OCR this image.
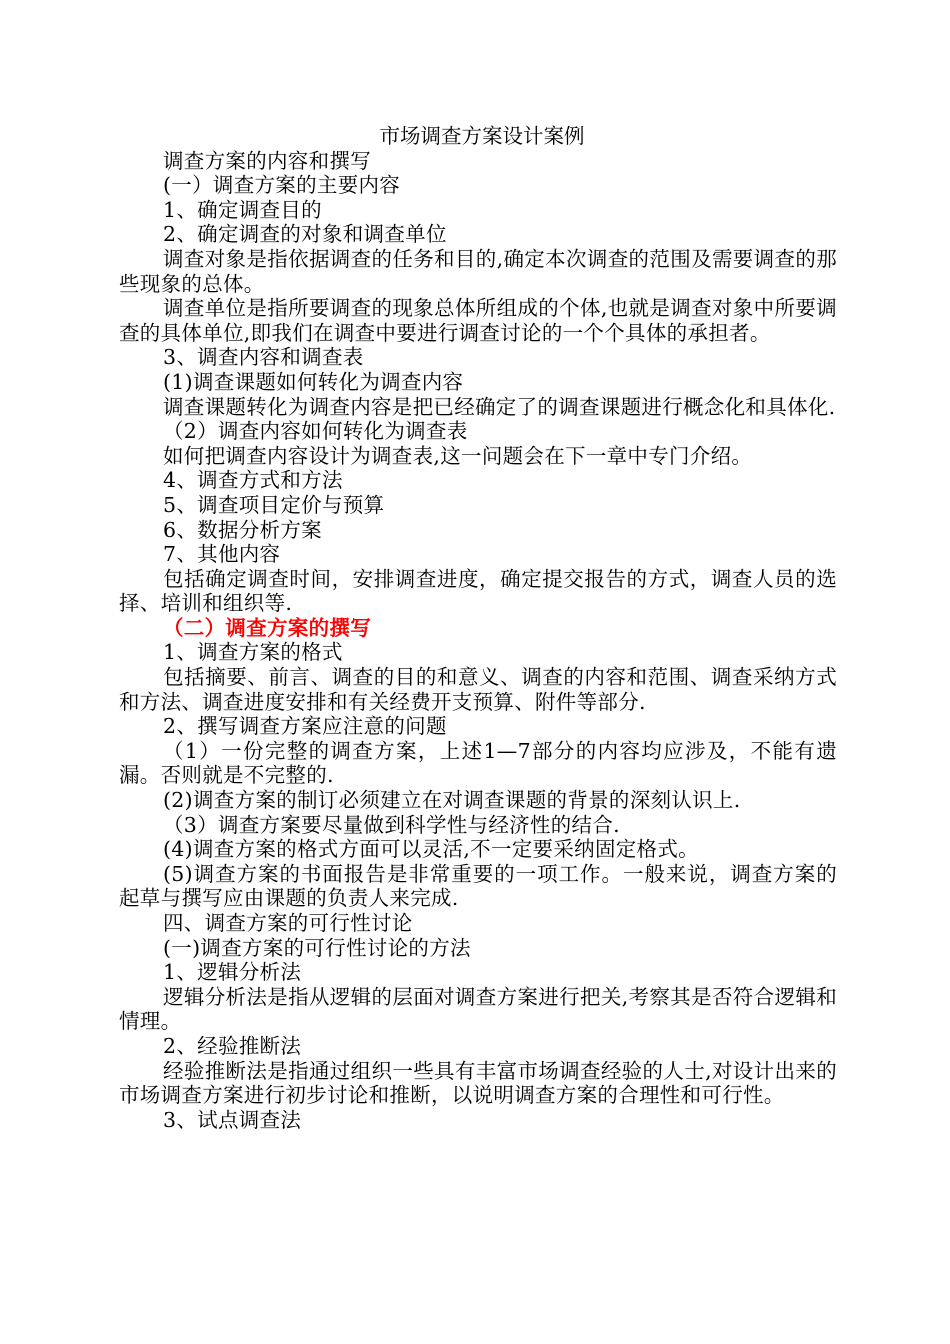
市场调查方案设计案例

调查方案的内容和撰写

(一）调查方案的主要内容

1、确定调查目的

2、确定调查的对象和调查单位

调查对象是指依据调查的任务和目的,确定本次调查的范围及需要调查的那些现象的总体。

调查单位是指所要调查的现象总体所组成的个体,也就是调查对象中所要调查的具体单位,即我们在调查中要进行调查讨论的一个个具体的承担者。

3、调查内容和调查表

(1)调查课题如何转化为调查内容

调查课题转化为调查内容是把已经确定了的调查课题进行概念化和具体化.

（2）调查内容如何转化为调查表

如何把调查内容设计为调查表,这一问题会在下一章中专门介绍。

4、调查方式和方法

5、调查项目定价与预算

6、数据分析方案

7、其他内容

包括确定调查时间，安排调查进度，确定提交报告的方式，调查人员的选择、培训和组织等.

（二）调查方案的撰写

1、调查方案的格式

包括摘要、前言、调查的目的和意义、调查的内容和范围、调查采纳方式和方法、调查进度安排和有关经费开支预算、附件等部分.

2、撰写调查方案应注意的问题

（1）一份完整的调查方案，上述1—7部分的内容均应涉及，不能有遗漏。否则就是不完整的.

(2)调查方案的制订必须建立在对调查课题的背景的深刻认识上.

（3）调查方案要尽量做到科学性与经济性的结合.

(4)调查方案的格式方面可以灵活,不一定要采纳固定格式。

(5)调查方案的书面报告是非常重要的一项工作。一般来说，调查方案的起草与撰写应由课题的负责人来完成.

四、调查方案的可行性讨论

(一)调查方案的可行性讨论的方法

1、逻辑分析法

逻辑分析法是指从逻辑的层面对调查方案进行把关,考察其是否符合逻辑和情理。

2、经验推断法

经验推断法是指通过组织一些具有丰富市场调查经验的人士,对设计出来的市场调查方案进行初步讨论和推断，以说明调查方案的合理性和可行性。

3、试点调查法
